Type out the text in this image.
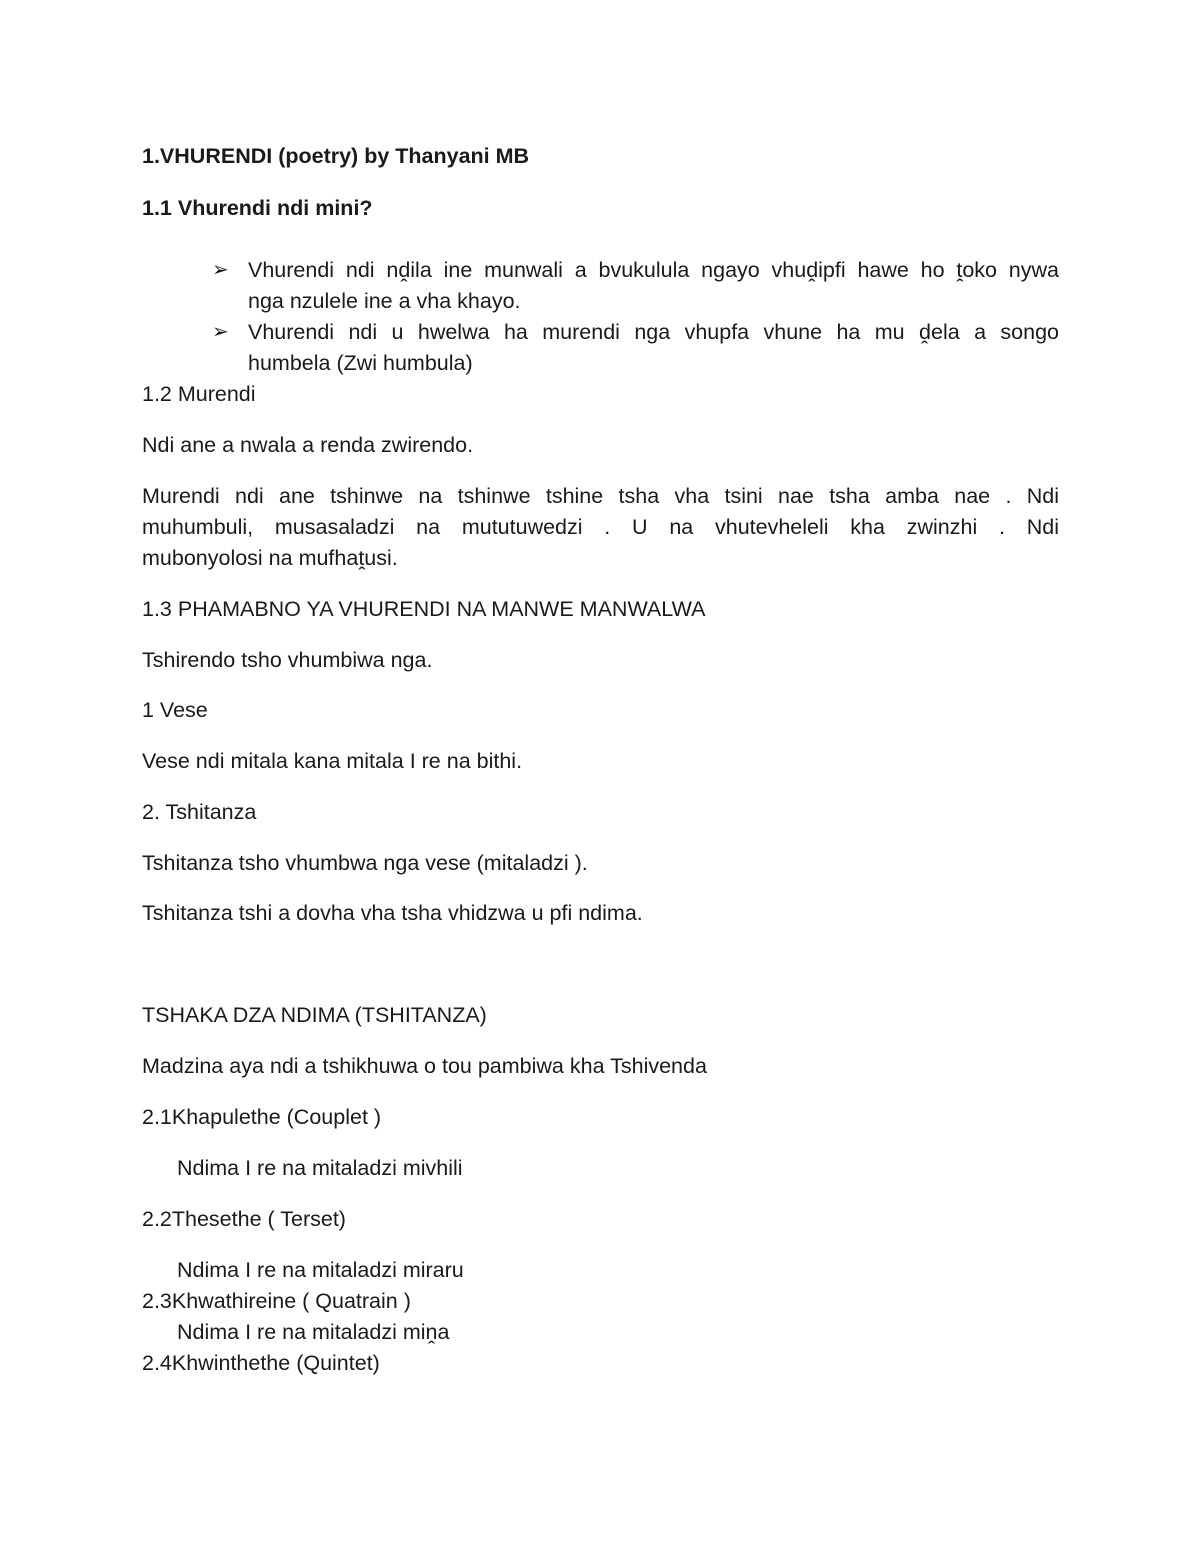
1.VHURENDI (poetry) by Thanyani MB
1.1 Vhurendi ndi mini?
➢ Vhurendi ndi nḓila ine munwali a bvukulula ngayo vhuḓipfi hawe ho ṱoko nywa
nga nzulele ine a vha khayo.
➢ Vhurendi ndi u hwelwa ha murendi nga vhupfa vhune ha mu ḓela a songo
humbela (Zwi humbula)
1.2 Murendi
Ndi ane a nwala a renda zwirendo.
Murendi ndi ane tshinwe na tshinwe tshine tsha vha tsini nae tsha amba nae . Ndi
muhumbuli, musasaladzi na mututuwedzi . U na vhutevheleli kha zwinzhi . Ndi
mubonyolosi na mufhaṱusi.
1.3 PHAMABNO YA VHURENDI NA MANWE MANWALWA
Tshirendo tsho vhumbiwa nga.
1 Vese
Vese ndi mitala kana mitala I re na bithi.
2. Tshitanza
Tshitanza tsho vhumbwa nga vese (mitaladzi ).
Tshitanza tshi a dovha vha tsha vhidzwa u pfi ndima.
TSHAKA DZA NDIMA (TSHITANZA)
Madzina aya ndi a tshikhuwa o tou pambiwa kha Tshivenda
2.1Khapulethe (Couplet )
Ndima I re na mitaladzi mivhili
2.2Thesethe ( Terset)
Ndima I re na mitaladzi miraru
2.3Khwathireine ( Quatrain )
Ndima I re na mitaladzi miṋa
2.4Khwinthethe (Quintet)
